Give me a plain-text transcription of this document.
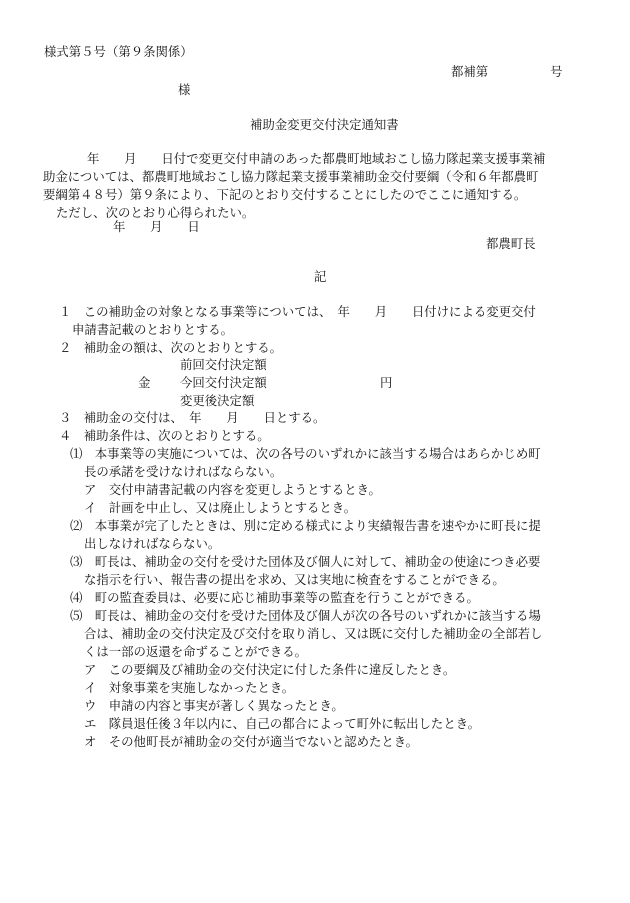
様式第５号（第９条関係）
都補第　　　　　号
様
補助金変更交付決定通知書
年　　月　　日付で変更交付申請のあった都農町地域おこし協力隊起業支援事業補
助金については、都農町地域おこし協力隊起業支援事業補助金交付要綱（令和６年都農町
要綱第４８号）第９条により、下記のとおり交付することにしたのでここに通知する。
ただし、次のとおり心得られたい。
年　　月　　日
都農町長
記
１　この補助金の対象となる事業等については、　年　　月　　日付けによる変更交付
申請書記載のとおりとする。
２　補助金の額は、次のとおりとする。
前回交付決定額
金 今回交付決定額	円
変更後決定額
３　補助金の交付は、　年　　月　　日とする。
４　補助条件は、次のとおりとする。
⑴　本事業等の実施については、次の各号のいずれかに該当する場合はあらかじめ町
長の承諾を受けなければならない。
ア　交付申請書記載の内容を変更しようとするとき。
イ　計画を中止し、又は廃止しようとするとき。
⑵　本事業が完了したときは、別に定める様式により実績報告書を速やかに町長に提
出しなければならない。
⑶　町長は、補助金の交付を受けた団体及び個人に対して、補助金の使途につき必要
な指示を行い、報告書の提出を求め、又は実地に検査をすることができる。
⑷　町の監査委員は、必要に応じ補助事業等の監査を行うことができる。
⑸　町長は、補助金の交付を受けた団体及び個人が次の各号のいずれかに該当する場
合は、補助金の交付決定及び交付を取り消し、又は既に交付した補助金の全部若し
くは一部の返還を命ずることができる。
ア　この要綱及び補助金の交付決定に付した条件に違反したとき。
イ　対象事業を実施しなかったとき。
ウ　申請の内容と事実が著しく異なったとき。
エ　隊員退任後３年以内に、自己の都合によって町外に転出したとき。
オ　その他町長が補助金の交付が適当でないと認めたとき。
